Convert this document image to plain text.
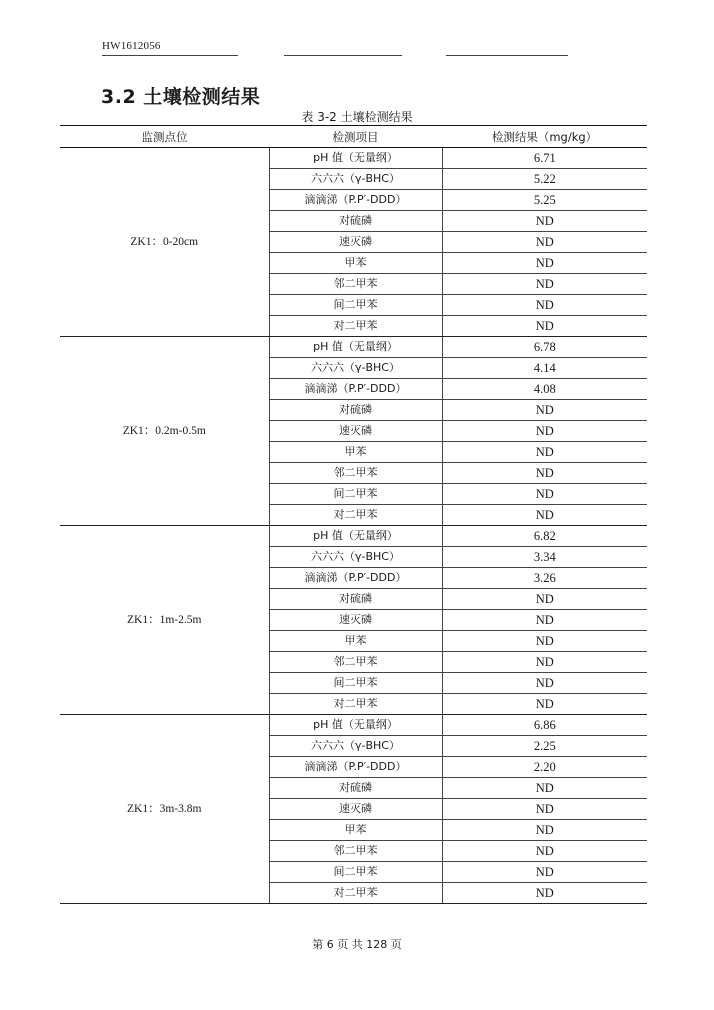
HW1612056
3.2 土壤检测结果
表 3-2 土壤检测结果
监测点位	检测项目	检测结果（mg/kg）
ZK1：0-20cm	pH 值（无量纲）	6.71
	六六六（γ-BHC）	5.22
	滴滴涕（P.P′-DDD）	5.25
	对硫磷	ND
	速灭磷	ND
	甲苯	ND
	邻二甲苯	ND
	间二甲苯	ND
	对二甲苯	ND
ZK1：0.2m-0.5m	pH 值（无量纲）	6.78
	六六六（γ-BHC）	4.14
	滴滴涕（P.P′-DDD）	4.08
	对硫磷	ND
	速灭磷	ND
	甲苯	ND
	邻二甲苯	ND
	间二甲苯	ND
	对二甲苯	ND
ZK1：1m-2.5m	pH 值（无量纲）	6.82
	六六六（γ-BHC）	3.34
	滴滴涕（P.P′-DDD）	3.26
	对硫磷	ND
	速灭磷	ND
	甲苯	ND
	邻二甲苯	ND
	间二甲苯	ND
	对二甲苯	ND
ZK1：3m-3.8m	pH 值（无量纲）	6.86
	六六六（γ-BHC）	2.25
	滴滴涕（P.P′-DDD）	2.20
	对硫磷	ND
	速灭磷	ND
	甲苯	ND
	邻二甲苯	ND
	间二甲苯	ND
	对二甲苯	ND
第 6 页 共 128 页
